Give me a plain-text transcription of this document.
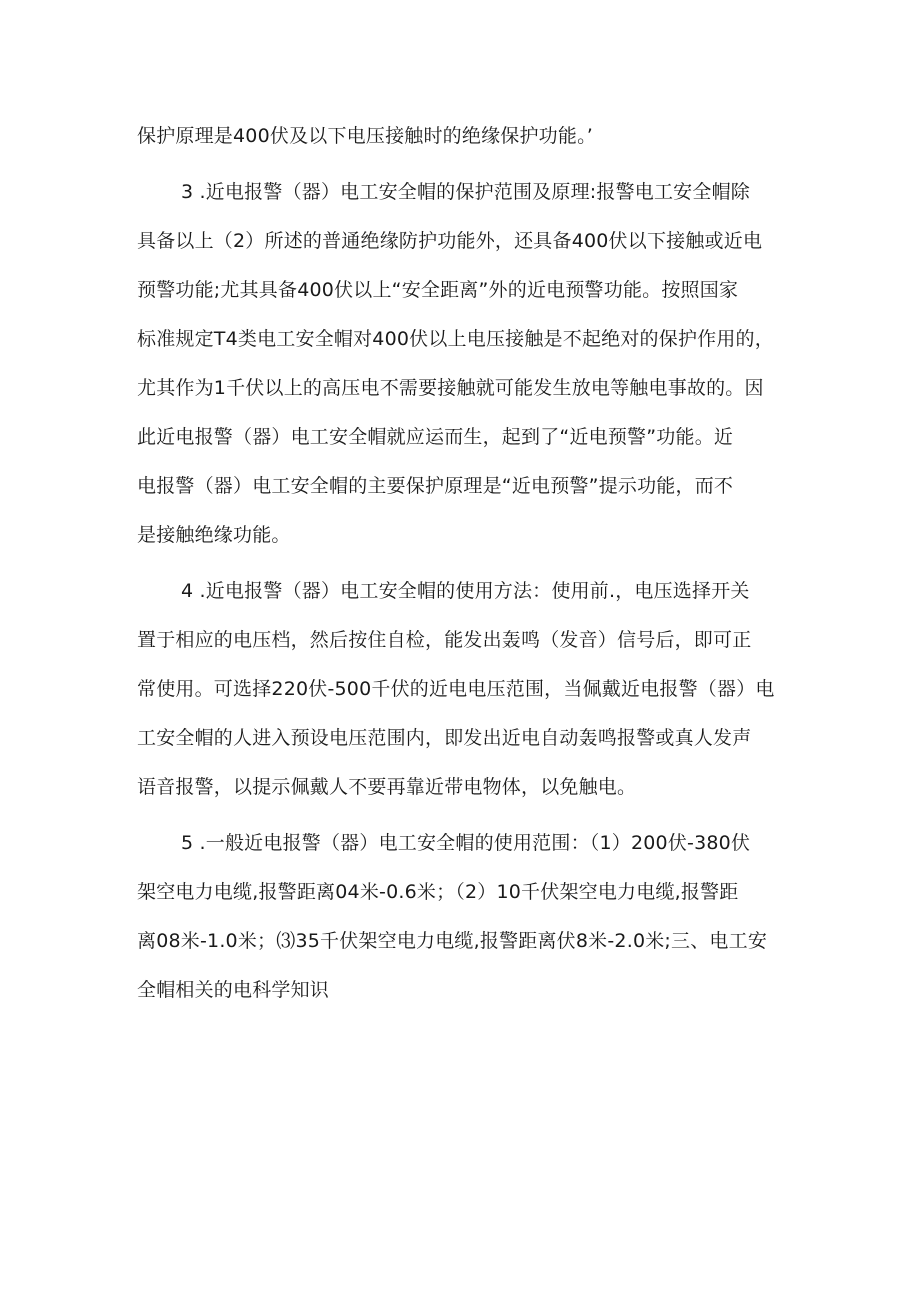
保护原理是400伏及以下电压接触时的绝缘保护功能。’
3 .近电报警（器）电工安全帽的保护范围及原理:报警电工安全帽除
具备以上（2）所述的普通绝缘防护功能外，还具备400伏以下接触或近电
预警功能;尤其具备400伏以上“安全距离”外的近电预警功能。按照国家
标准规定T4类电工安全帽对400伏以上电压接触是不起绝对的保护作用的，
尤其作为1千伏以上的高压电不需要接触就可能发生放电等触电事故的。因
此近电报警（器）电工安全帽就应运而生，起到了“近电预警”功能。近
电报警（器）电工安全帽的主要保护原理是“近电预警”提示功能，而不
是接触绝缘功能。
4 .近电报警（器）电工安全帽的使用方法：使用前.，电压选择开关
置于相应的电压档，然后按住自检，能发出轰鸣（发音）信号后，即可正
常使用。可选择220伏-500千伏的近电电压范围，当佩戴近电报警（器）电
工安全帽的人进入预设电压范围内，即发出近电自动轰鸣报警或真人发声
语音报警，以提示佩戴人不要再靠近带电物体，以免触电。
5 .一般近电报警（器）电工安全帽的使用范围：（1）200伏-380伏
架空电力电缆,报警距离04米-0.6米；（2）10千伏架空电力电缆,报警距
离08米-1.0米；⑶35千伏架空电力电缆,报警距离伏8米-2.0米;三、电工安
全帽相关的电科学知识
